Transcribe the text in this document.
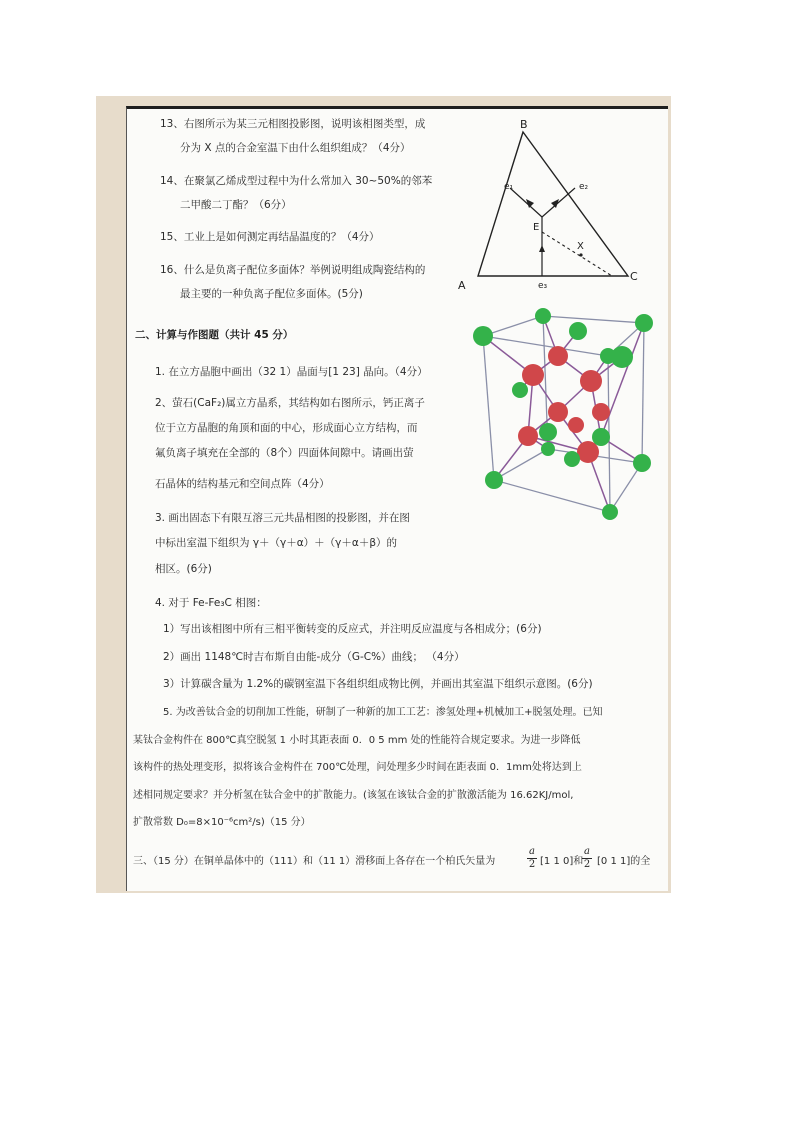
13、右图所示为某三元相图投影图，说明该相图类型，成
分为 X 点的合金室温下由什么组织组成？（4分）
14、在聚氯乙烯成型过程中为什么常加入 30~50%的邻苯
二甲酸二丁酯？（6分）
15、工业上是如何测定再结晶温度的？（4分）
16、什么是负离子配位多面体？举例说明组成陶瓷结构的
最主要的一种负离子配位多面体。(5分)
B
A
C
e₁	e₂
E
e₃
X
二、计算与作图题（共计 45 分）
1. 在立方晶胞中画出（32 1）晶面与[1 23] 晶向。（4分）
2、萤石(CaF₂)属立方晶系，其结构如右图所示，钙正离子
位于立方晶胞的角顶和面的中心，形成面心立方结构，而
氟负离子填充在全部的（8个）四面体间隙中。请画出萤
石晶体的结构基元和空间点阵（4分）
3. 画出固态下有限互溶三元共晶相图的投影图，并在图
中标出室温下组织为 γ＋（γ＋α）＋（γ＋α＋β）的
相区。(6分)
4. 对于 Fe-Fe₃C 相图：
1）写出该相图中所有三相平衡转变的反应式，并注明反应温度与各相成分；(6分)
2）画出 1148℃时吉布斯自由能-成分（G-C%）曲线； （4分）
3）计算碳含量为 1.2%的碳钢室温下各组织组成物比例，并画出其室温下组织示意图。(6分)
5. 为改善钛合金的切削加工性能，研制了一种新的加工工艺：渗氢处理+机械加工+脱氢处理。已知
某钛合金构件在 800℃真空脱氢 1 小时其距表面 0．0 5 mm 处的性能符合规定要求。为进一步降低
该构件的热处理变形，拟将该合金构件在 700℃处理，问处理多少时间在距表面 0．1mm处将达到上
述相同规定要求？并分析氢在钛合金中的扩散能力。(该氢在该钛合金的扩散激活能为 16.62KJ/mol,
扩散常数 D₀=8×10⁻⁶cm²/s)（15 分）
三、（15 分）在铜单晶体中的（111）和（11 1）滑移面上各存在一个柏氏矢量为	$\frac{a}{2} [1$ 1 0]和
$\frac{a}{2} [0$ 1 1]的全
